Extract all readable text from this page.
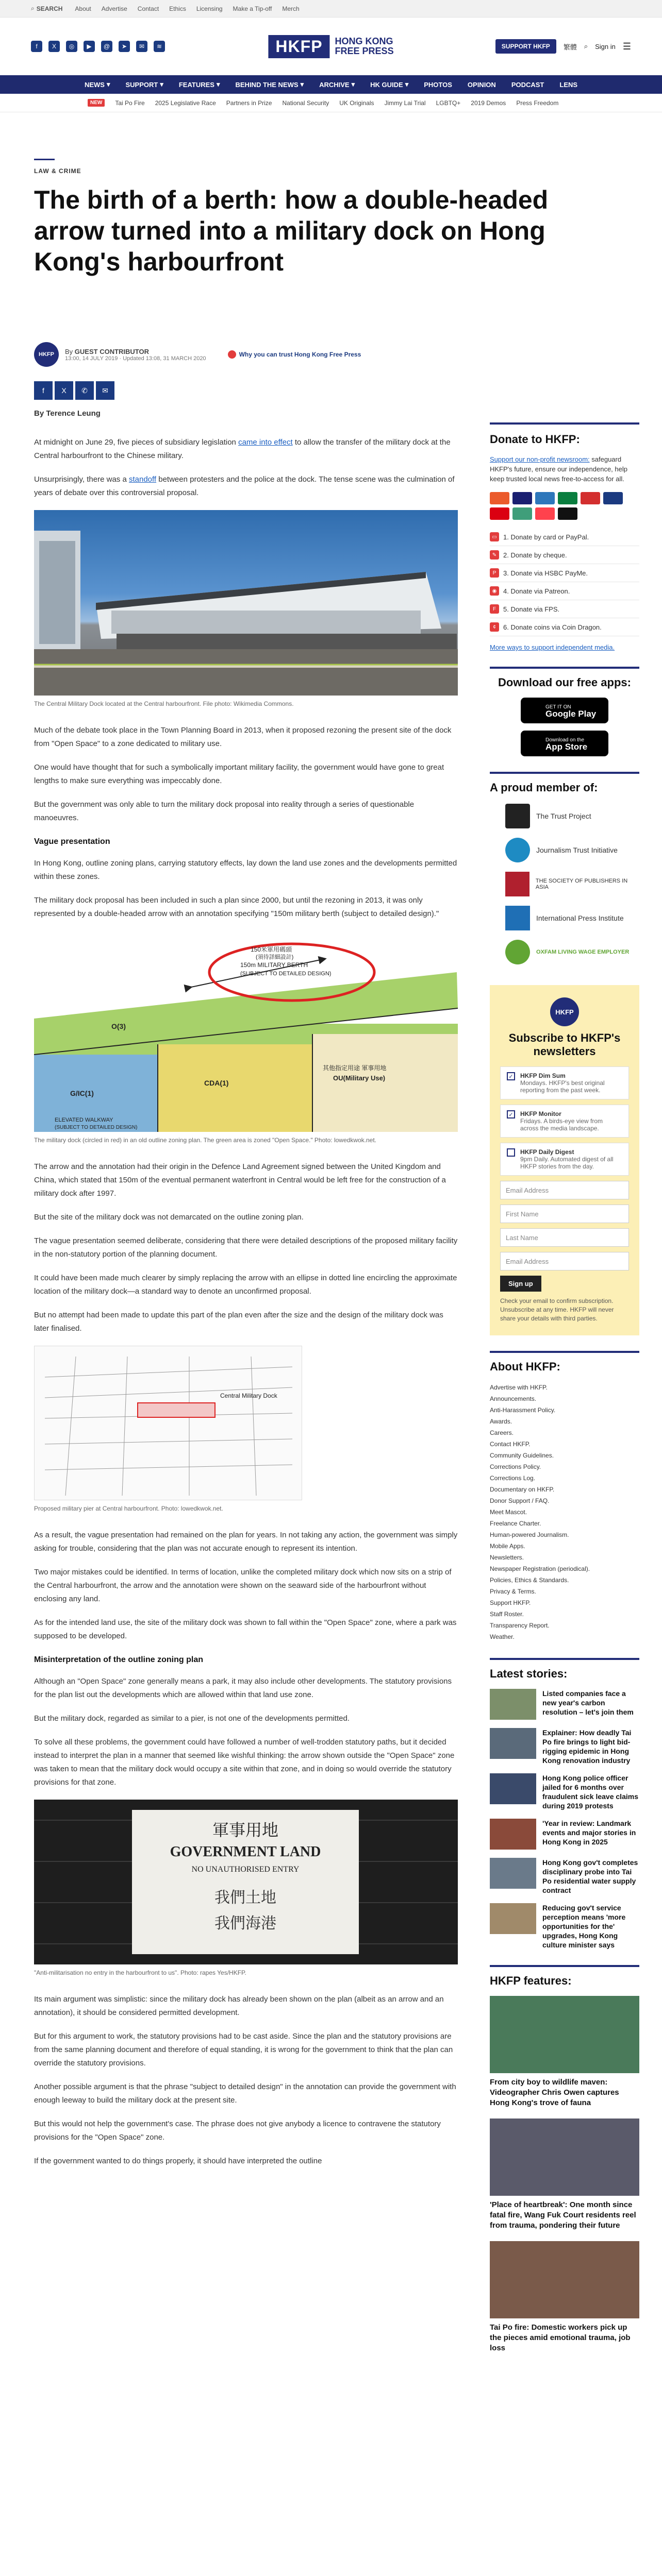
⌕ SEARCH About Advertise Contact Ethics Licensing Make a Tip-off Merch
f	X	◎	▶	@	➤	✉	≋	HKFP	HONG KONG
FREE PRESS	SUPPORT HKFP	繁體 ⌕ Sign in ☰
NEWS ▾ SUPPORT ▾ FEATURES ▾ BEHIND THE NEWS ▾ ARCHIVE ▾ HK GUIDE ▾ PHOTOS OPINION PODCAST LENS
NEW	Tai Po Fire 2025 Legislative Race Partners in Prize National Security UK Originals Jimmy Lai Trial LGBTQ+ 2019 Demos Press Freedom
LAW & CRIME
The birth of a berth: how a double-headed arrow turned into a military dock on Hong Kong's harbourfront
HKFP	By GUEST CONTRIBUTOR
13:00, 14 JULY 2019 · Updated 13:08, 31 MARCH 2020
Why you can trust Hong Kong Free Press

By Terence Leung

At midnight on June 29, five pieces of subsidiary legislation came into effect to allow the transfer of the military dock at the Central harbourfront to the Chinese military.

Unsurprisingly, there was a standoff between protesters and the police at the dock. The tense scene was the culmination of years of debate over this controversial proposal.

The Central Military Dock located at the Central harbourfront. File photo: Wikimedia Commons.

Much of the debate took place in the Town Planning Board in 2013, when it proposed rezoning the present site of the dock from "Open Space" to a zone dedicated to military use.

One would have thought that for such a symbolically important military facility, the government would have gone to great lengths to make sure everything was impeccably done.

But the government was only able to turn the military dock proposal into reality through a series of questionable manoeuvres.

Vague presentation

In Hong Kong, outline zoning plans, carrying statutory effects, lay down the land use zones and the developments permitted within these zones.

The military dock proposal has been included in such a plan since 2000, but until the rezoning in 2013, it was only represented by a double-headed arrow with an annotation specifying "150m military berth (subject to detailed design)."

150m MILITARY BERTH
(SUBJECT TO DETAILED DESIGN)
150米軍用碼頭
(須待詳細設計)
O(3)
G/IC(1)
CDA(1)
其他指定用途 軍事用地
OU(Military Use)
ELEVATED WALKWAY
(SUBJECT TO DETAILED DESIGN)
The military dock (circled in red) in an old outline zoning plan. The green area is zoned "Open Space." Photo: lowedkwok.net.

The arrow and the annotation had their origin in the Defence Land Agreement signed between the United Kingdom and China, which stated that 150m of the eventual permanent waterfront in Central would be left free for the construction of a military dock after 1997.

But the site of the military dock was not demarcated on the outline zoning plan.

The vague presentation seemed deliberate, considering that there were detailed descriptions of the proposed military facility in the non-statutory portion of the planning document.

It could have been made much clearer by simply replacing the arrow with an ellipse in dotted line encircling the approximate location of the military dock—a standard way to denote an unconfirmed proposal.

But no attempt had been made to update this part of the plan even after the size and the design of the military dock was later finalised.

Central Military Dock
Proposed military pier at Central harbourfront. Photo: lowedkwok.net.

As a result, the vague presentation had remained on the plan for years. In not taking any action, the government was simply asking for trouble, considering that the plan was not accurate enough to represent its intention.

Two major mistakes could be identified. In terms of location, unlike the completed military dock which now sits on a strip of the Central harbourfront, the arrow and the annotation were shown on the seaward side of the harbourfront without enclosing any land.

As for the intended land use, the site of the military dock was shown to fall within the "Open Space" zone, where a park was supposed to be developed.

Misinterpretation of the outline zoning plan

Although an "Open Space" zone generally means a park, it may also include other developments. The statutory provisions for the plan list out the developments which are allowed within that land use zone.

But the military dock, regarded as similar to a pier, is not one of the developments permitted.

To solve all these problems, the government could have followed a number of well-trodden statutory paths, but it decided instead to interpret the plan in a manner that seemed like wishful thinking: the arrow shown outside the "Open Space" zone was taken to mean that the military dock would occupy a site within that zone, and in doing so would override the statutory provisions for that zone.

軍事用地
GOVERNMENT LAND
NO UNAUTHORISED ENTRY
我們土地
我們海港
"Anti-militarisation no entry in the harbourfront to us". Photo: rapes Yes/HKFP.

Its main argument was simplistic: since the military dock has already been shown on the plan (albeit as an arrow and an annotation), it should be considered permitted development.

But for this argument to work, the statutory provisions had to be cast aside. Since the plan and the statutory provisions are from the same planning document and therefore of equal standing, it is wrong for the government to think that the plan can override the statutory provisions.

Another possible argument is that the phrase "subject to detailed design" in the annotation can provide the government with enough leeway to build the military dock at the present site.

But this would not help the government's case. The phrase does not give anybody a licence to contravene the statutory provisions for the "Open Space" zone.

If the government wanted to do things properly, it should have interpreted the outline

Donate to HKFP:

Support our non-profit newsroom: safeguard HKFP's future, ensure our independence, help keep trusted local news free-to-access for all.

▭ 1. Donate by card or PayPal.
✎ 2. Donate by cheque.
P	3. Donate via HSBC PayMe.
◉ 4. Donate via Patreon.
F	5. Donate via FPS.
¢	6. Donate coins via Coin Dragon.

More ways to support independent media.

Download our free apps:
GET IT ON
Google Play
Download on the
App Store
A proud member of:
The Trust Project
Journalism Trust Initiative
THE SOCIETY OF PUBLISHERS IN ASIA
International Press Institute
OXFAM LIVING WAGE EMPLOYER
HKFP
Subscribe to HKFP's newsletters
✓ HKFP Dim Sum
Mondays. HKFP's best original reporting from the past week.
✓ HKFP Monitor
Fridays. A birds-eye view from across the media landscape.
HKFP Daily Digest
9pm Daily. Automated digest of all HKFP stories from the day.
Email Address
First Name
Last Name
Email Address
Sign up

Check your email to confirm subscription. Unsubscribe at any time. HKFP will never share your details with third parties.

About HKFP:
Advertise with HKFP.
Announcements.
Anti-Harassment Policy.
Awards.
Careers.
Contact HKFP.
Community Guidelines.
Corrections Policy.
Corrections Log.
Documentary on HKFP.
Donor Support / FAQ.
Meet Mascot.
Freelance Charter.
Human-powered Journalism.
Mobile Apps.
Newsletters.
Newspaper Registration (periodical).
Policies, Ethics & Standards.
Privacy & Terms.
Support HKFP.
Staff Roster.
Transparency Report.
Weather.
Latest stories:
Listed companies face a new year's carbon resolution – let's join them
Explainer: How deadly Tai Po fire brings to light bid-rigging epidemic in Hong Kong renovation industry
Hong Kong police officer jailed for 6 months over fraudulent sick leave claims during 2019 protests
'Year in review: Landmark events and major stories in Hong Kong in 2025
Hong Kong gov't completes disciplinary probe into Tai Po residential water supply contract
Reducing gov't service perception means 'more opportunities for the' upgrades, Hong Kong culture minister says
HKFP features:
From city boy to wildlife maven: Videographer Chris Owen captures Hong Kong's trove of fauna
'Place of heartbreak': One month since fatal fire, Wang Fuk Court residents reel from trauma, pondering their future
Tai Po fire: Domestic workers pick up the pieces amid emotional trauma, job loss
f	X	✆	✉
